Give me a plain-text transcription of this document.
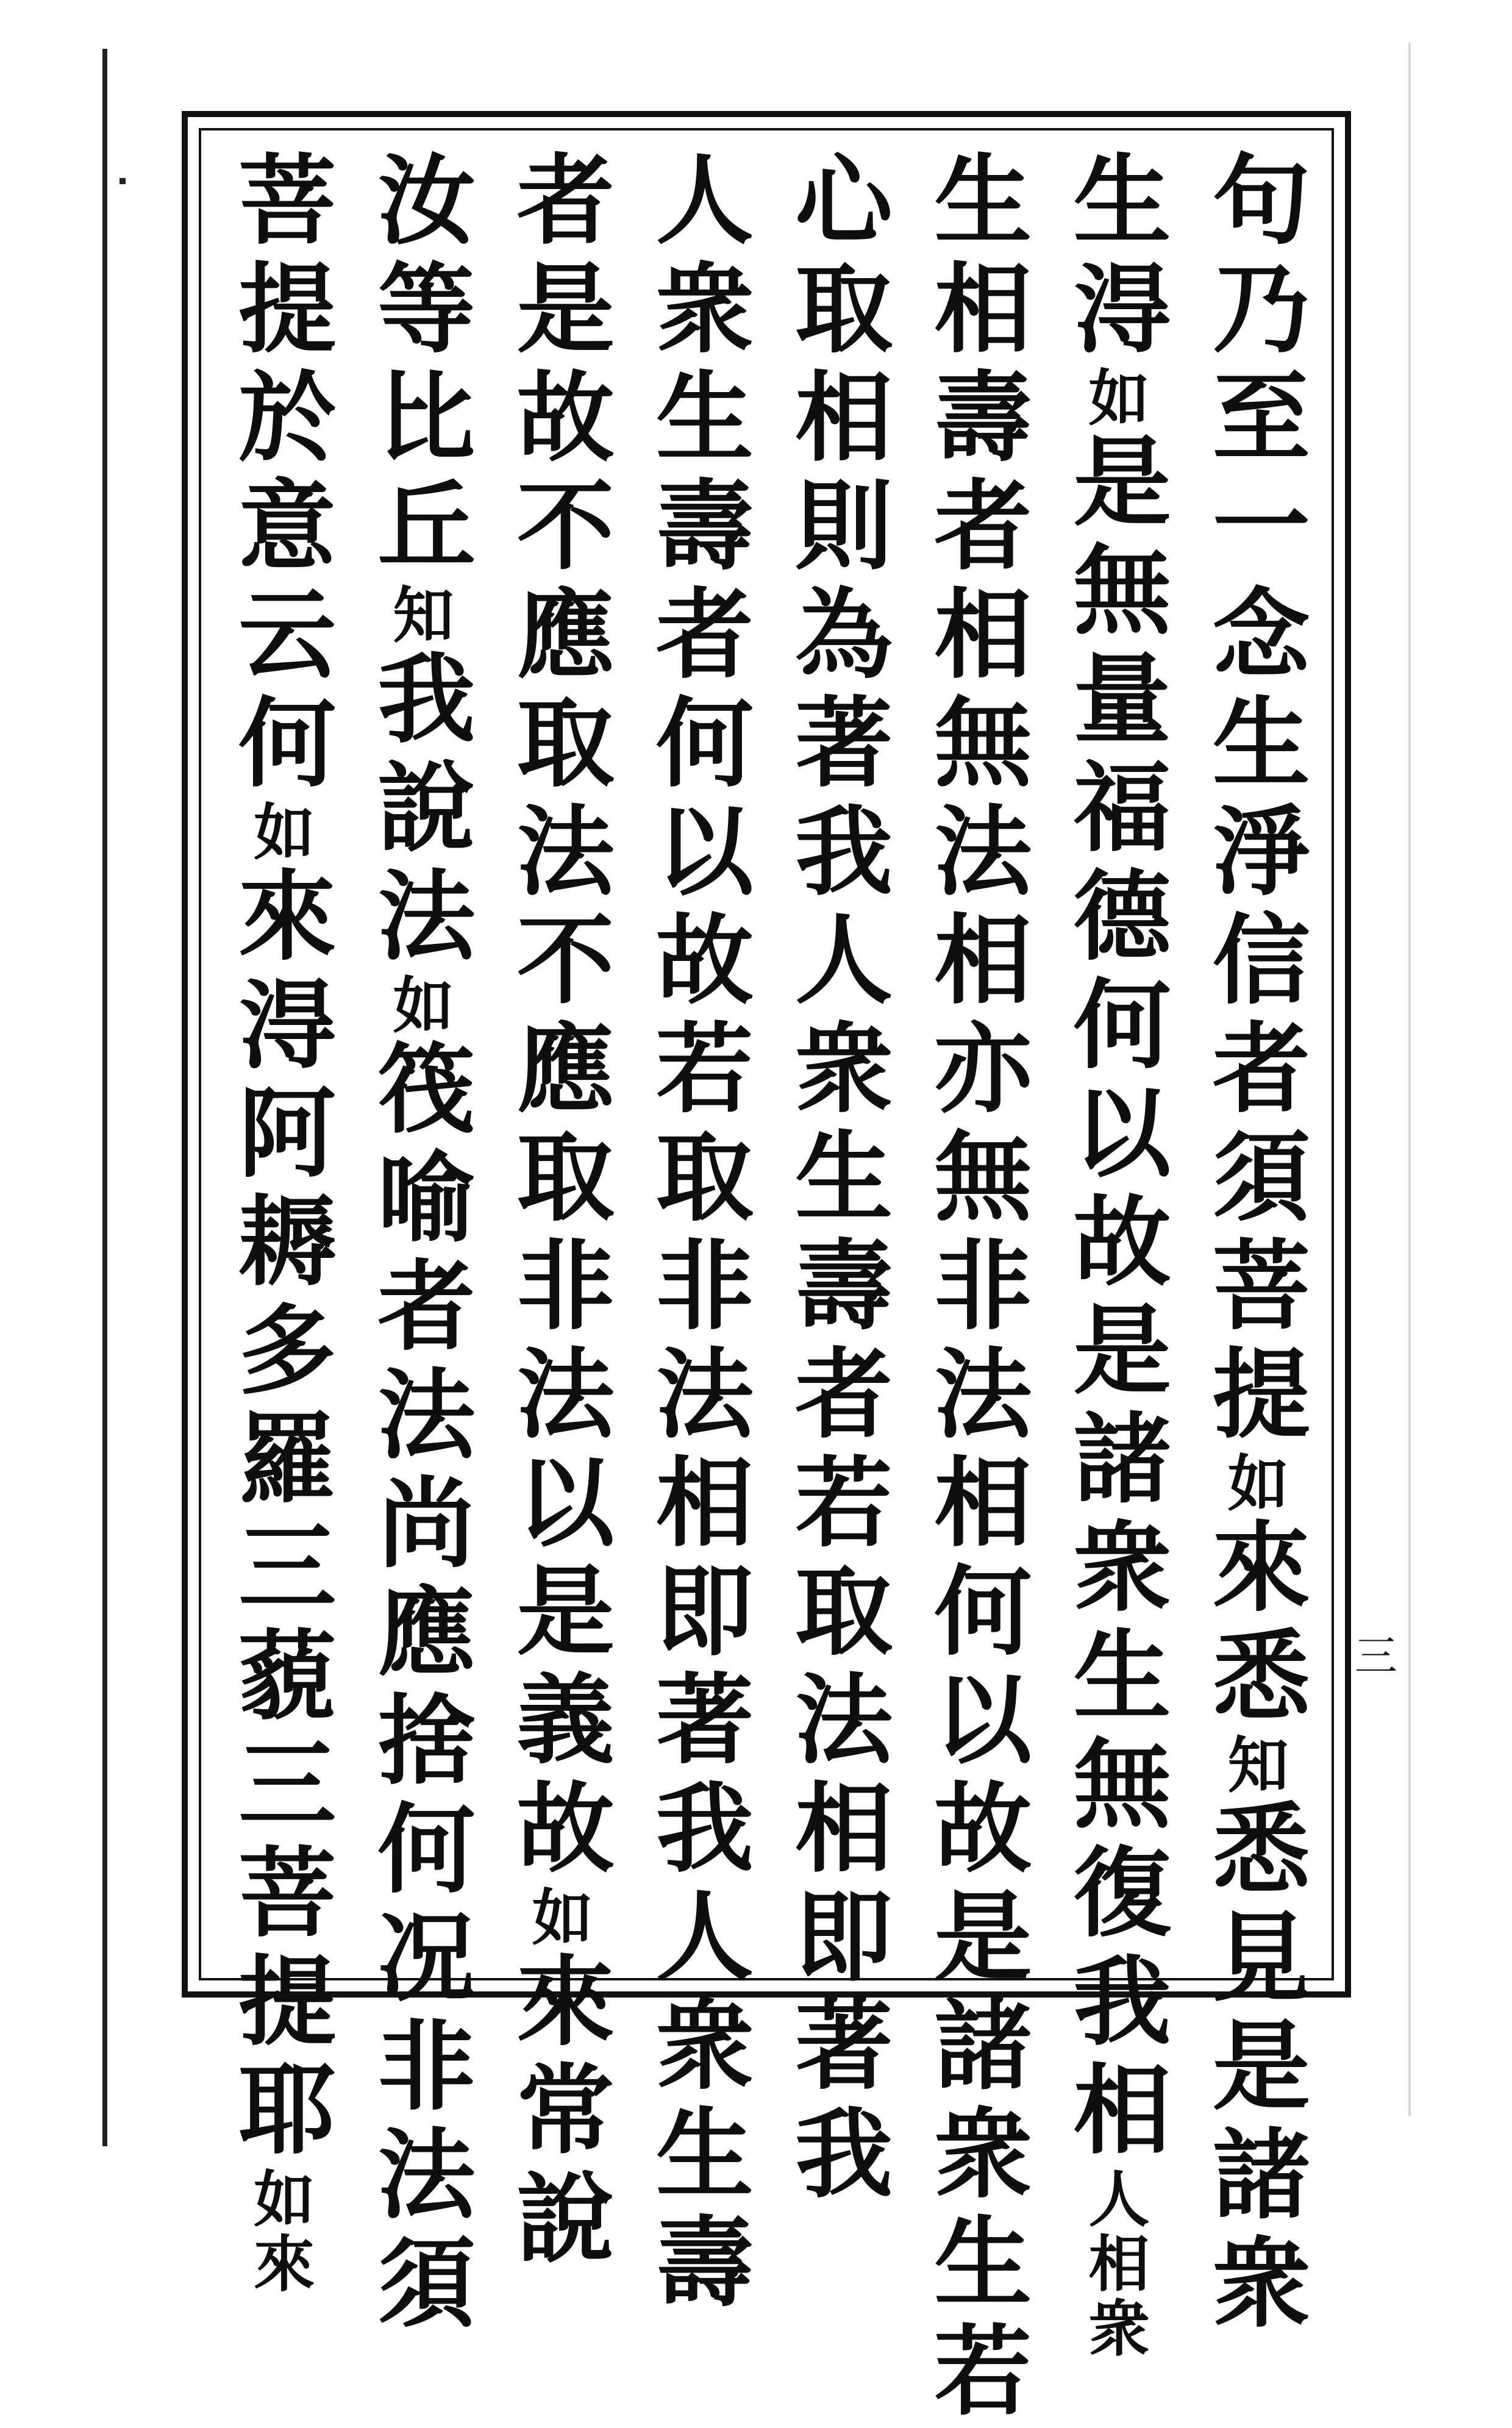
句乃至一念生淨信者須菩提如來悉知悉見是諸衆
生淂如是無量福德何以故是諸衆生無復我相人相衆
生相壽者相無法相亦無非法相何以故是諸衆生若
心取相則為著我人衆生壽者若取法相即著我
人衆生壽者何以故若取非法相即著我人衆生壽
者是故不應取法不應取非法以是義故如來常說
汝等比丘知我說法如筏喻者法尚應捨何况非法須
菩提於意云何如來淂阿耨多羅三藐三菩提耶如來
三
